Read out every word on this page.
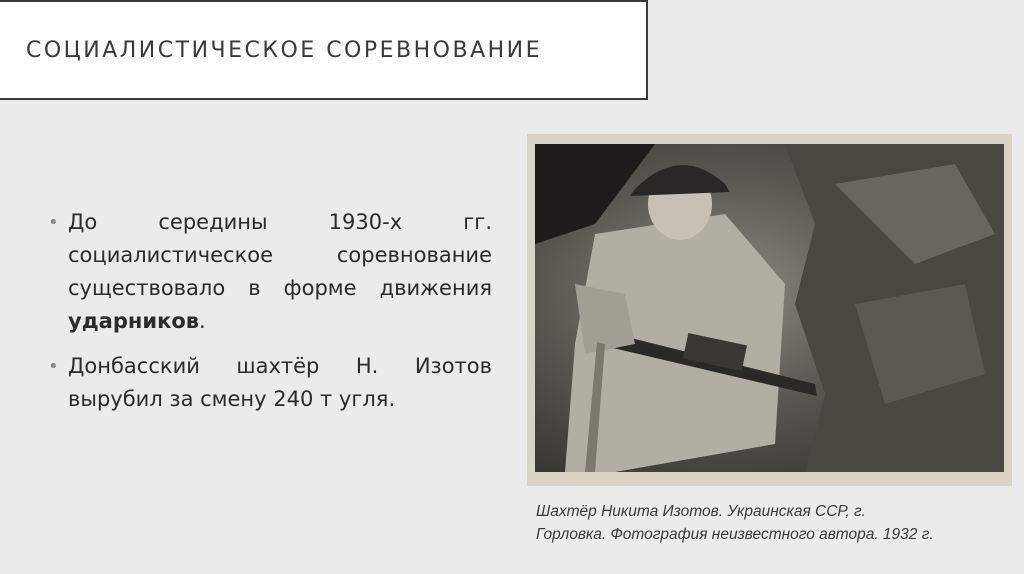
СОЦИАЛИСТИЧЕСКОЕ СОРЕВНОВАНИЕ
• До середины 1930-х гг. социалистическое соревнование существовало в форме движения ударников.
• Донбасский шахтёр Н. Изотов вырубил за смену 240 т угля.
Шахтёр Никита Изотов. Украинская ССР, г.
Горловка. Фотография неизвестного автора. 1932 г.
